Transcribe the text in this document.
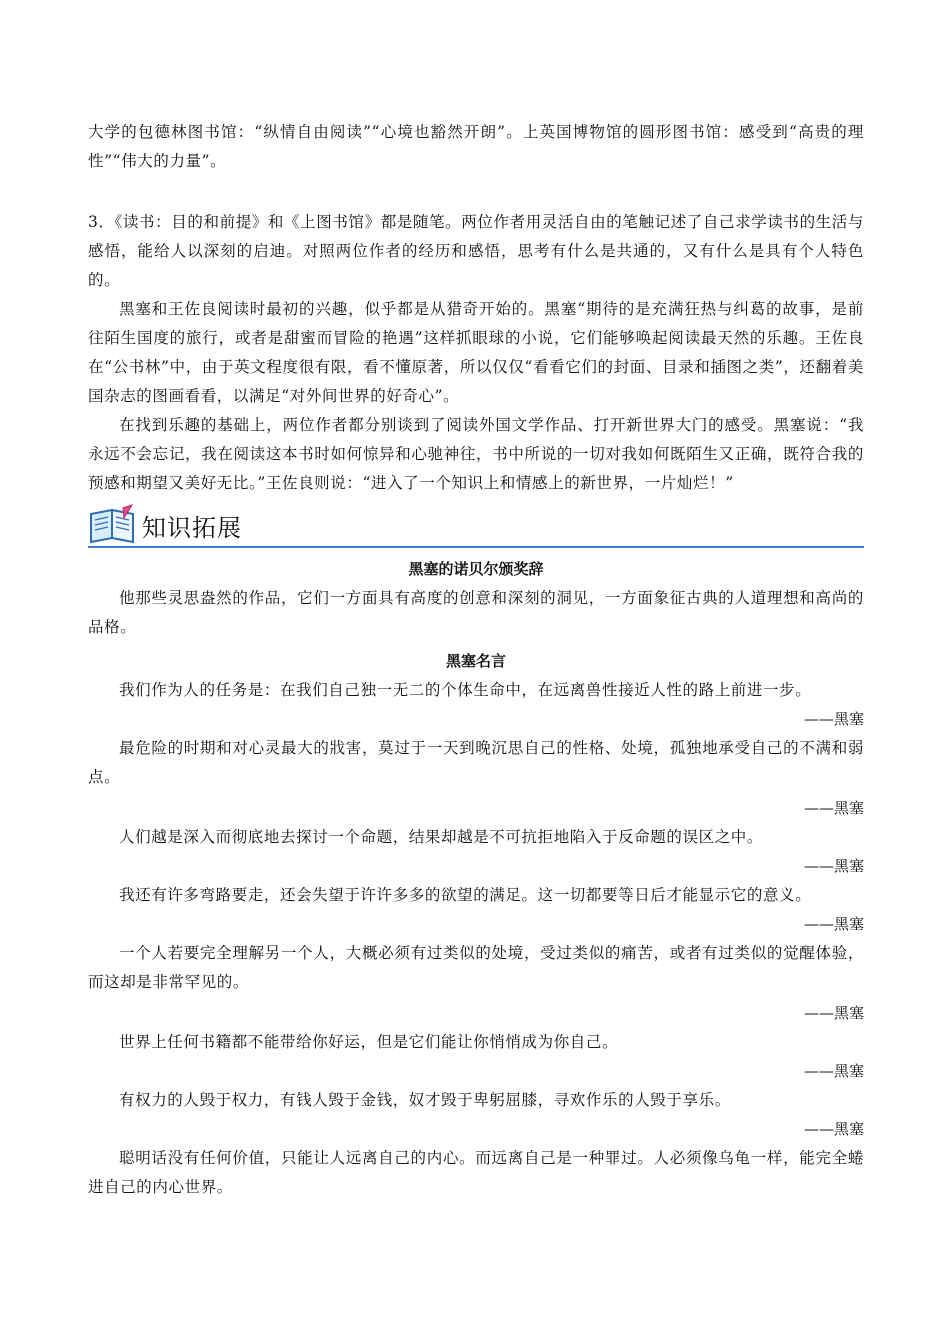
大学的包德林图书馆：“纵情自由阅读”“心境也豁然开朗”。上英国博物馆的圆形图书馆：感受到“高贵的理性”“伟大的力量”。

3．《读书：目的和前提》和《上图书馆》都是随笔。两位作者用灵活自由的笔触记述了自己求学读书的生活与感悟，能给人以深刻的启迪。对照两位作者的经历和感悟，思考有什么是共通的，又有什么是具有个人特色的。

黑塞和王佐良阅读时最初的兴趣，似乎都是从猎奇开始的。黑塞“期待的是充满狂热与纠葛的故事，是前往陌生国度的旅行，或者是甜蜜而冒险的艳遇”这样抓眼球的小说，它们能够唤起阅读最天然的乐趣。王佐良在“公书林”中，由于英文程度很有限，看不懂原著，所以仅仅“看看它们的封面、目录和插图之类”，还翻着美国杂志的图画看看，以满足“对外间世界的好奇心”。

在找到乐趣的基础上，两位作者都分别谈到了阅读外国文学作品、打开新世界大门的感受。黑塞说：“我永远不会忘记，我在阅读这本书时如何惊异和心驰神往，书中所说的一切对我如何既陌生又正确，既符合我的预感和期望又美好无比。”王佐良则说：“进入了一个知识上和情感上的新世界，一片灿烂！”

知识拓展
黑塞的诺贝尔颁奖辞

他那些灵思盎然的作品，它们一方面具有高度的创意和深刻的洞见，一方面象征古典的人道理想和高尚的品格。

黑塞名言

我们作为人的任务是：在我们自己独一无二的个体生命中，在远离兽性接近人性的路上前进一步。

——黑塞

最危险的时期和对心灵最大的戕害，莫过于一天到晚沉思自己的性格、处境，孤独地承受自己的不满和弱点。

——黑塞

人们越是深入而彻底地去探讨一个命题，结果却越是不可抗拒地陷入于反命题的误区之中。

——黑塞

我还有许多弯路要走，还会失望于许许多多的欲望的满足。这一切都要等日后才能显示它的意义。

——黑塞

一个人若要完全理解另一个人，大概必须有过类似的处境，受过类似的痛苦，或者有过类似的觉醒体验，而这却是非常罕见的。

——黑塞

世界上任何书籍都不能带给你好运，但是它们能让你悄悄成为你自己。

——黑塞

有权力的人毁于权力，有钱人毁于金钱，奴才毁于卑躬屈膝，寻欢作乐的人毁于享乐。

——黑塞

聪明话没有任何价值，只能让人远离自己的内心。而远离自己是一种罪过。人必须像乌龟一样，能完全蜷进自己的内心世界。
